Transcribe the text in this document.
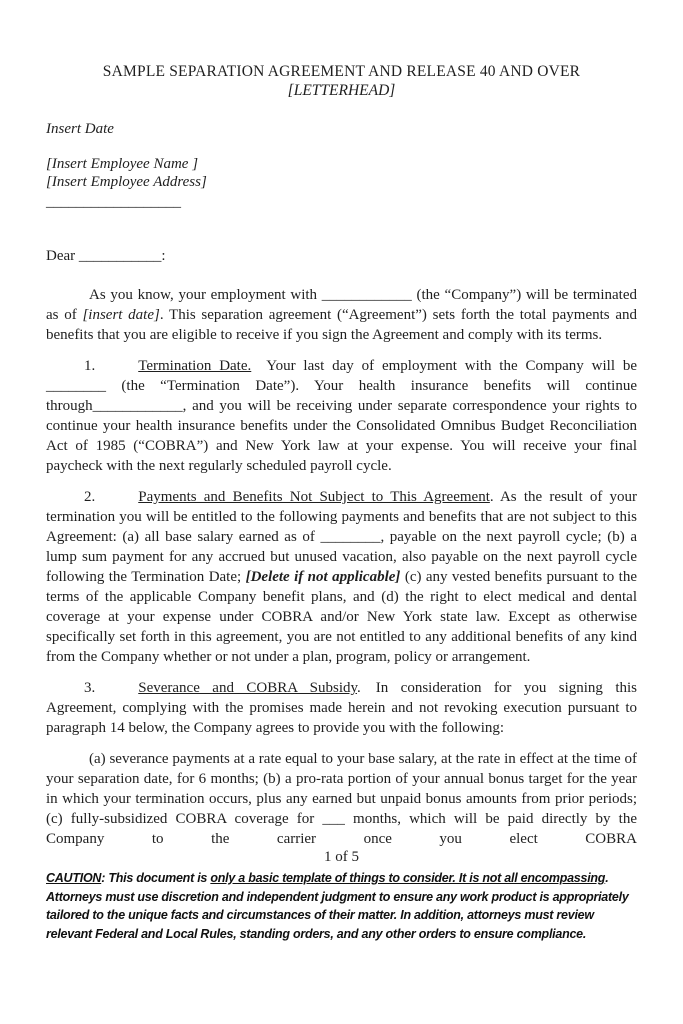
SAMPLE SEPARATION AGREEMENT AND RELEASE 40 AND OVER
[LETTERHEAD]
Insert Date
[Insert Employee Name ]
[Insert Employee Address]
__________________
Dear ___________:

As you know, your employment with ____________ (the “Company”) will be terminated as of [insert date]. This separation agreement (“Agreement”) sets forth the total payments and benefits that you are eligible to receive if you sign the Agreement and comply with its terms.

1.	Termination Date.  Your last day of employment with the Company will be ________ (the “Termination Date”). Your health insurance benefits will continue through____________, and you will be receiving under separate correspondence your rights to continue your health insurance benefits under the Consolidated Omnibus Budget Reconciliation Act of 1985 (“COBRA”) and New York law at your expense. You will receive your final paycheck with the next regularly scheduled payroll cycle.

2.	Payments and Benefits Not Subject to This Agreement. As the result of your termination you will be entitled to the following payments and benefits that are not subject to this Agreement: (a) all base salary earned as of ________, payable on the next payroll cycle; (b) a lump sum payment for any accrued but unused vacation, also payable on the next payroll cycle following the Termination Date; [Delete if not applicable] (c) any vested benefits pursuant to the terms of the applicable Company benefit plans, and (d) the right to elect medical and dental coverage at your expense under COBRA and/or New York state law. Except as otherwise specifically set forth in this agreement, you are not entitled to any additional benefits of any kind from the Company whether or not under a plan, program, policy or arrangement.

3.	Severance and COBRA Subsidy.  In consideration for you signing this Agreement, complying with the promises made herein and not revoking execution pursuant to paragraph 14 below, the Company agrees to provide you with the following:

(a) severance payments at a rate equal to your base salary, at the rate in effect at the time of your separation date, for 6 months; (b) a pro-rata portion of your annual bonus target for the year in which your termination occurs, plus any earned but unpaid bonus amounts from prior periods; (c) fully-subsidized COBRA coverage for ___ months, which will be paid directly by the Company to the carrier once you elect COBRA

1 of 5
CAUTION: This document is only a basic template of things to consider. It is not all encompassing. Attorneys must use discretion and independent judgment to ensure any work product is appropriately tailored to the unique facts and circumstances of their matter. In addition, attorneys must review relevant Federal and Local Rules, standing orders, and any other orders to ensure compliance.
